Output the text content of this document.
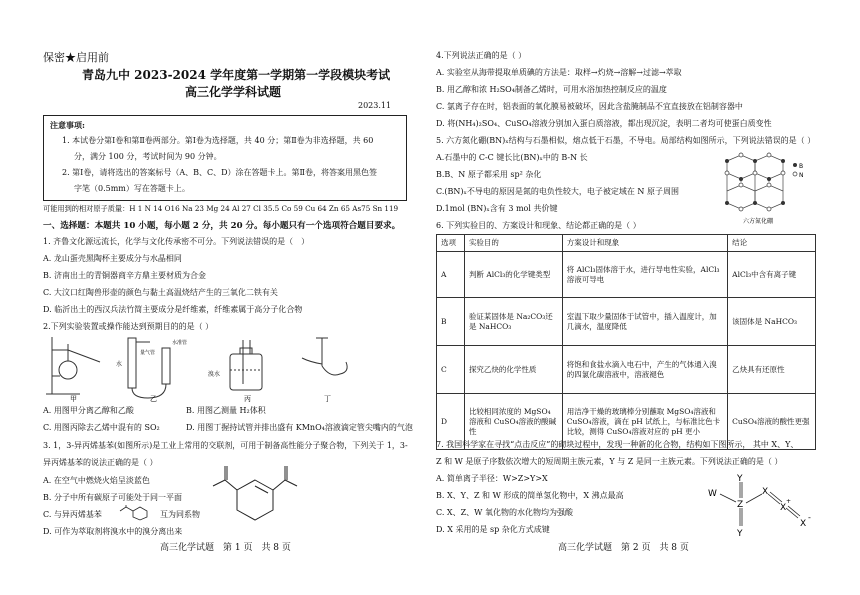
保密★启用前
青岛九中 2023-2024 学年度第一学期第一学段模块考试
高三化学学科试题
2023.11
注意事项:
1. 本试卷分第Ⅰ卷和第Ⅱ卷两部分。第Ⅰ卷为选择题，共 40 分；第Ⅱ卷为非选择题，共 60
分，满分 100 分，考试时间为 90 分钟。
2. 第Ⅰ卷，请将选出的答案标号（A、B、C、D）涂在答题卡上。第Ⅱ卷，将答案用黑色签
字笔（0.5mm）写在答题卡上。
可能用到的相对原子质量：H 1 N 14 O16 Na 23 Mg 24 Al 27 Cl 35.5 Co 59 Cu 64 Zn 65 As75 Sn 119
一、选择题：本题共 10 小题，每小题 2 分，共 20 分。每小题只有一个选项符合题目要求。
1. 齐鲁文化源远流长，化学与文化传承密不可分。下列说法错误的是（　）
A. 龙山蛋壳黑陶杯主要成分与水晶相同
B. 济南出土的青铜器商辛方鼎主要材质为合金
C. 大汶口红陶兽形壶的颜色与黏土高温烧结产生的三氧化二铁有关
D. 临沂出土的西汉兵法竹简主要成分是纤维素，纤维素属于高分子化合物
2.下列实验装置或操作能达到预期目的的是（ ）
水
量气管
水准管
溴水
甲	乙	丙	丁
A. 用图甲分离乙醇和乙酸	B. 用图乙测量 H₂体积
C. 用图丙除去乙烯中混有的 SO₂	D. 用图丁握持试管并排出盛有 KMnO₄溶液滴定管尖嘴内的气泡
3. 1，3-异丙烯基苯(如图所示)是工业上常用的交联剂，可用于制备高性能分子聚合物，下列关于 1，3-
异丙烯基苯的说法正确的是（ ）
A. 在空气中燃烧火焰呈淡蓝色
B. 分子中所有碳原子可能处于同一平面
C. 与异丙烯基苯	互为同系物
D. 可作为萃取剂将溴水中的溴分离出来
高三化学试题　第 1 页　共 8 页
4.下列说法正确的是（ ）
A. 实验室从海带提取单质碘的方法是：取样→灼烧→溶解→过滤→萃取
B. 用乙醇和浓 H₂SO₄制备乙烯时，可用水浴加热控制反应的温度
C. 氯离子存在时，铝表面的氧化膜易被破坏，因此含盐腌制品不宜直接放在铝制容器中
D. 将(NH₄)₂SO₄、CuSO₄溶液分别加入蛋白质溶液，都出现沉淀，表明二者均可使蛋白质变性
5. 六方氮化硼(BN)ₓ结构与石墨相似，熔点低于石墨，不导电。局部结构如图所示，下列说法错误的是（ ）
A.石墨中的 C-C 键长比(BN)ₓ中的 B-N 长
B.B、N 原子都采用 sp² 杂化
C.(BN)ₓ不导电的原因是氮的电负性较大，电子被定域在 N 原子周围
D.1mol (BN)ₓ含有 3 mol 共价键
B
N
六方氮化硼
6. 下列实验目的、方案设计和现象、结论都正确的是（ ）
选项	实验目的	方案设计和现象	结论
A	判断 AlCl₃的化学键类型	将 AlCl₃固体溶于水，进行导电性实验，AlCl₃溶液可导电	AlCl₃中含有离子键
B	验证某固体是 Na₂CO₃还是 NaHCO₃	室温下取少量固体于试管中，插入温度计，加几滴水，温度降低	该固体是 NaHCO₃
C	探究乙炔的化学性质	将饱和食盐水滴入电石中，产生的气体通入溴的四氯化碳溶液中，溶液褪色	乙炔具有还原性
D	比较相同浓度的 MgSO₄溶液和 CuSO₄溶液的酸碱性	用洁净干燥的玻璃棒分别蘸取 MgSO₄溶液和 CuSO₄溶液，滴在 pH 试纸上，与标准比色卡比较，测得 CuSO₄溶液对应的 pH 更小	CuSO₄溶液的酸性更强
7. 我国科学家在寻找“点击反应”的砌块过程中，发现一种新的化合物，结构如下图所示， 其中 X、Y、
Z 和 W 是原子序数依次增大的短周期主族元素，Y 与 Z 是同一主族元素。下列说法正确的是（ ）
A. 简单离子半径：W>Z>Y>X
B. X、Y、Z 和 W 形成的简单氢化物中，X 沸点最高
C. X、Z、W 氧化物的水化物均为强酸
D. X 采用的是 sp 杂化方式成键
W
Y
Z
Y
X
X
+
X
-
高三化学试题　第 2 页　共 8 页
